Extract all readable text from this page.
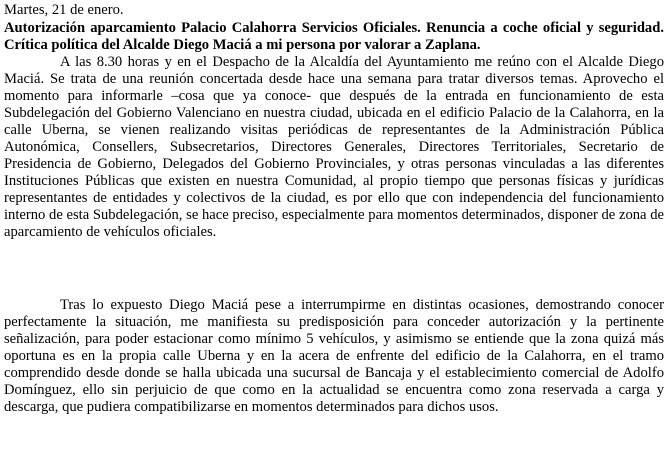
Martes, 21 de enero.

Autorización aparcamiento Palacio Calahorra Servicios Oficiales. Renuncia a coche oficial y seguridad. Crítica política del Alcalde Diego Maciá a mi persona por valorar a Zaplana.

A las 8.30 horas y en el Despacho de la Alcaldía del Ayuntamiento me reúno con el Alcalde Diego Maciá. Se trata de una reunión concertada desde hace una semana para tratar diversos temas. Aprovecho el momento para informarle –cosa que ya conoce- que después de la entrada en funcionamiento de esta Subdelegación del Gobierno Valenciano en nuestra ciudad, ubicada en el edificio Palacio de la Calahorra, en la calle Uberna, se vienen realizando visitas periódicas de representantes de la Administración Pública Autonómica, Consellers, Subsecretarios, Directores Generales, Directores Territoriales, Secretario de Presidencia de Gobierno, Delegados del Gobierno Provinciales, y otras personas vinculadas a las diferentes Instituciones Públicas que existen en nuestra Comunidad, al propio tiempo que personas físicas y jurídicas representantes de entidades y colectivos de la ciudad, es por ello que con independencia del funcionamiento interno de esta Subdelegación, se hace preciso, especialmente para momentos determinados, disponer de zona de aparcamiento de vehículos oficiales.

Tras lo expuesto Diego Maciá pese a interrumpirme en distintas ocasiones, demostrando conocer perfectamente la situación, me manifiesta su predisposición para conceder autorización y la pertinente señalización, para poder estacionar como mínimo 5 vehículos, y asimismo se entiende que la zona quizá más oportuna es en la propia calle Uberna y en la acera de enfrente del edificio de la Calahorra, en el tramo comprendido desde donde se halla ubicada una sucursal de Bancaja y el establecimiento comercial de Adolfo Domínguez, ello sin perjuicio de que como en la actualidad se encuentra como zona reservada a carga y descarga, que pudiera compatibilizarse en momentos determinados para dichos usos.
